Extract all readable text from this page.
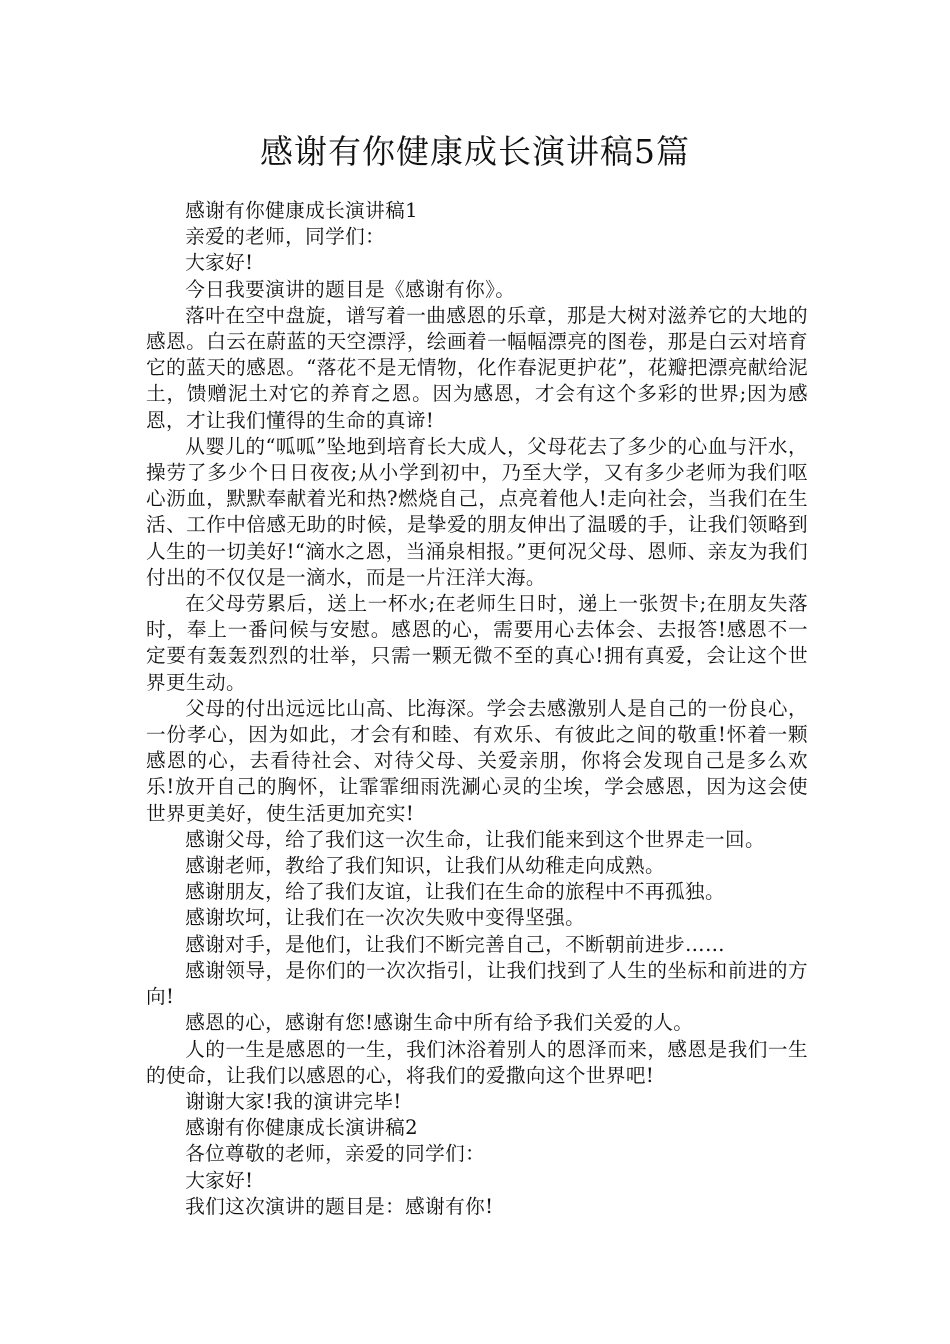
感谢有你健康成长演讲稿5篇

感谢有你健康成长演讲稿1

亲爱的老师，同学们：

大家好!

今日我要演讲的题目是《感谢有你》。

落叶在空中盘旋，谱写着一曲感恩的乐章，那是大树对滋养它的大地的感恩。白云在蔚蓝的天空漂浮，绘画着一幅幅漂亮的图卷，那是白云对培育它的蓝天的感恩。“落花不是无情物，化作春泥更护花”，花瓣把漂亮献给泥土，馈赠泥土对它的养育之恩。因为感恩，才会有这个多彩的世界;因为感恩，才让我们懂得的生命的真谛!

从婴儿的“呱呱”坠地到培育长大成人，父母花去了多少的心血与汗水，操劳了多少个日日夜夜;从小学到初中，乃至大学，又有多少老师为我们呕心沥血，默默奉献着光和热?燃烧自己，点亮着他人!走向社会，当我们在生活、工作中倍感无助的时候，是挚爱的朋友伸出了温暖的手，让我们领略到人生的一切美好!“滴水之恩，当涌泉相报。”更何况父母、恩师、亲友为我们付出的不仅仅是一滴水，而是一片汪洋大海。

在父母劳累后，送上一杯水;在老师生日时，递上一张贺卡;在朋友失落时，奉上一番问候与安慰。感恩的心，需要用心去体会、去报答!感恩不一定要有轰轰烈烈的壮举，只需一颗无微不至的真心!拥有真爱，会让这个世界更生动。

父母的付出远远比山高、比海深。学会去感激别人是自己的一份良心，一份孝心，因为如此，才会有和睦、有欢乐、有彼此之间的敬重!怀着一颗感恩的心，去看待社会、对待父母、关爱亲朋，你将会发现自己是多么欢乐!放开自己的胸怀，让霏霏细雨洗涮心灵的尘埃，学会感恩，因为这会使世界更美好，使生活更加充实!

感谢父母，给了我们这一次生命，让我们能来到这个世界走一回。

感谢老师，教给了我们知识，让我们从幼稚走向成熟。

感谢朋友，给了我们友谊，让我们在生命的旅程中不再孤独。

感谢坎坷，让我们在一次次失败中变得坚强。

感谢对手，是他们，让我们不断完善自己，不断朝前进步……

感谢领导，是你们的一次次指引，让我们找到了人生的坐标和前进的方向!

感恩的心，感谢有您!感谢生命中所有给予我们关爱的人。

人的一生是感恩的一生，我们沐浴着别人的恩泽而来，感恩是我们一生的使命，让我们以感恩的心，将我们的爱撒向这个世界吧!

谢谢大家!我的演讲完毕!

感谢有你健康成长演讲稿2

各位尊敬的老师，亲爱的同学们：

大家好!

我们这次演讲的题目是：感谢有你!
